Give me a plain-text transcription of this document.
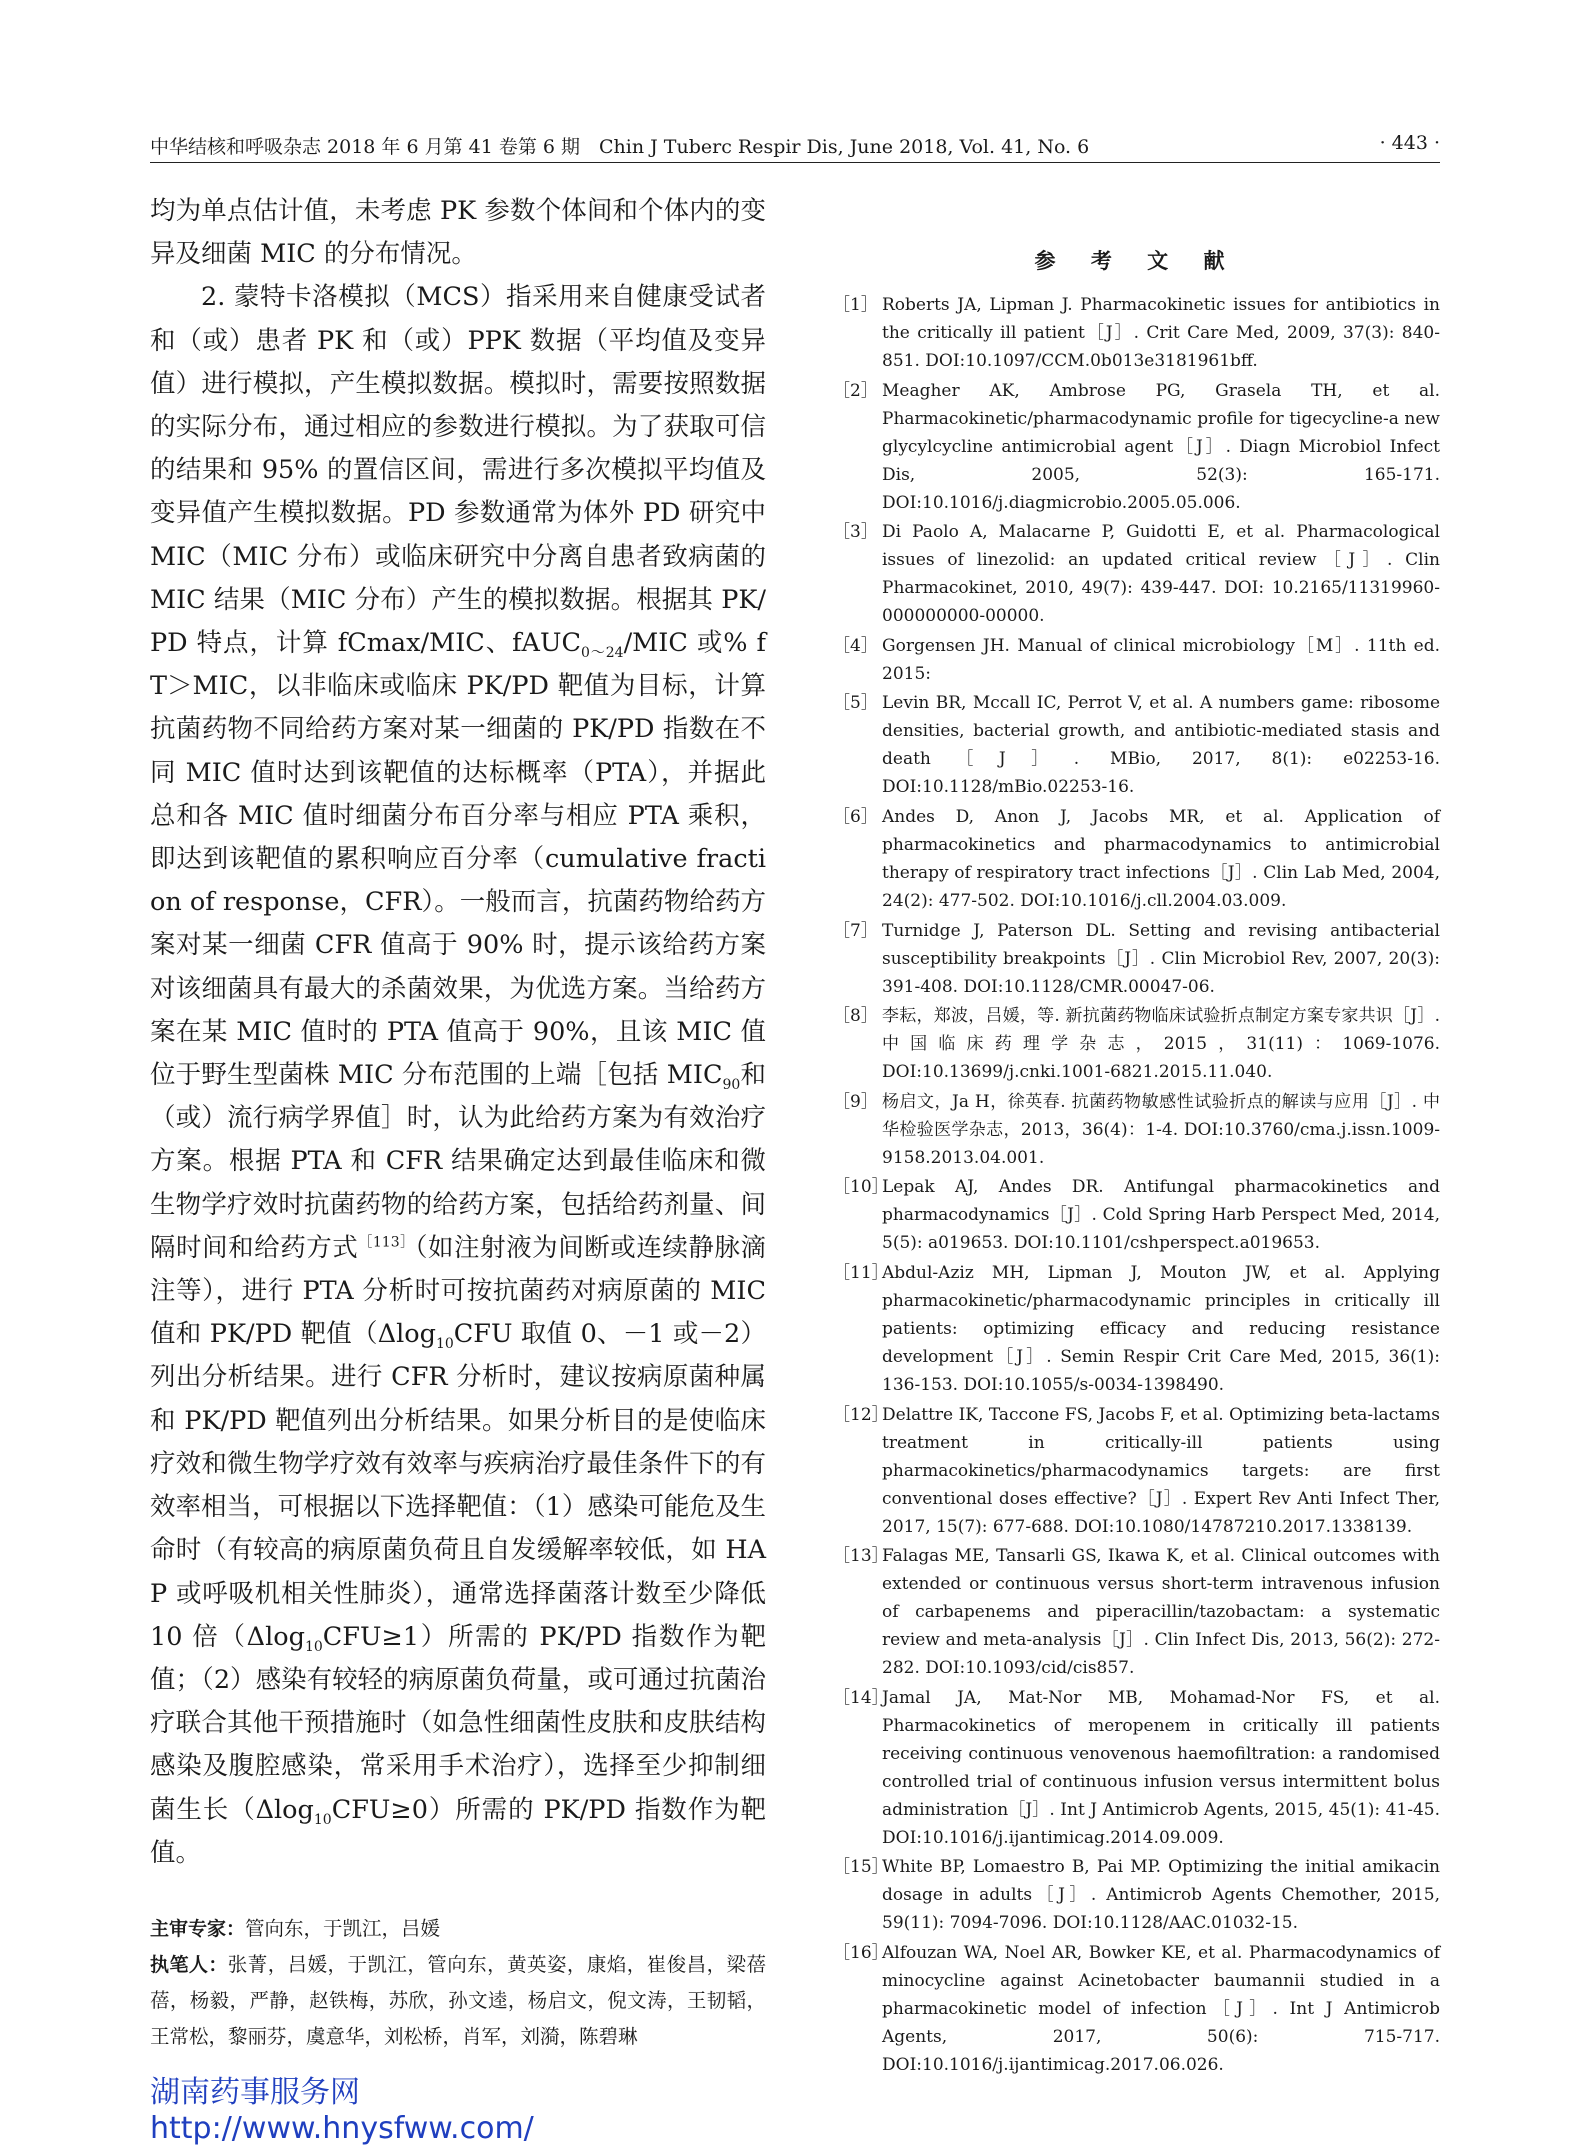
中华结核和呼吸杂志 2018 年 6 月第 41 卷第 6 期　Chin J Tuberc Respir Dis, June 2018, Vol. 41, No. 6	· 443 ·

均为单点估计值，未考虑 PK 参数个体间和个体内的变异及细菌 MIC 的分布情况。

2. 蒙特卡洛模拟（MCS）指采用来自健康受试者和（或）患者 PK 和（或）PPK 数据（平均值及变异值）进行模拟，产生模拟数据。模拟时，需要按照数据的实际分布，通过相应的参数进行模拟。为了获取可信的结果和 95% 的置信区间，需进行多次模拟平均值及变异值产生模拟数据。PD 参数通常为体外 PD 研究中 MIC（MIC 分布）或临床研究中分离自患者致病菌的 MIC 结果（MIC 分布）产生的模拟数据。根据其 PK/PD 特点，计算 fCmax/MIC、fAUC$_{0\sim 24}$/MIC 或% fT＞MIC，以非临床或临床 PK/PD 靶值为目标，计算抗菌药物不同给药方案对某一细菌的 PK/PD 指数在不同 MIC 值时达到该靶值的达标概率（PTA），并据此总和各 MIC 值时细菌分布百分率与相应 PTA 乘积，即达到该靶值的累积响应百分率（cumulative fraction of response，CFR）。一般而言，抗菌药物给药方案对某一细菌 CFR 值高于 90% 时，提示该给药方案对该细菌具有最大的杀菌效果，为优选方案。当给药方案在某 MIC 值时的 PTA 值高于 90%，且该 MIC 值位于野生型菌株 MIC 分布范围的上端［包括 $MIC_{90}$和（或）流行病学界值］时，认为此给药方案为有效治疗方案。根据 PTA 和 CFR 结果确定达到最佳临床和微生物学疗效时抗菌药物的给药方案，包括给药剂量、间隔时间和给药方式$^{[113]}$（如注射液为间断或连续静脉滴注等），进行 PTA 分析时可按抗菌药对病原菌的 MIC 值和 PK/PD 靶值（Δlog$_{10}$CFU 取值 0、－1 或－2）列出分析结果。进行 CFR 分析时，建议按病原菌种属和 PK/PD 靶值列出分析结果。如果分析目的是使临床疗效和微生物学疗效有效率与疾病治疗最佳条件下的有效率相当，可根据以下选择靶值：（1）感染可能危及生命时（有较高的病原菌负荷且自发缓解率较低，如 HAP 或呼吸机相关性肺炎），通常选择菌落计数至少降低 10 倍（Δlog$_{10}$CFU≥1）所需的 PK/PD 指数作为靶值；（2）感染有较轻的病原菌负荷量，或可通过抗菌治疗联合其他干预措施时（如急性细菌性皮肤和皮肤结构感染及腹腔感染，常采用手术治疗），选择至少抑制细菌生长（Δlog$_{10}$CFU≥0）所需的 PK/PD 指数作为靶值。

主审专家：管向东，于凯江，吕媛
执笔人：张菁，吕媛，于凯江，管向东，黄英姿，康焰，崔俊昌，梁蓓蓓，杨毅，严静，赵铁梅，苏欣，孙文逵，杨启文，倪文涛，王韧韬，王常松，黎丽芬，虞意华，刘松桥，肖军，刘漪，陈碧琳
参 考 文 献
［1］ Roberts JA, Lipman J. Pharmacokinetic issues for antibiotics in the critically ill patient［J］. Crit Care Med, 2009, 37(3): 840-851. DOI:10.1097/CCM.0b013e3181961bff.
［2］ Meagher AK, Ambrose PG, Grasela TH, et al. Pharmacokinetic/pharmacodynamic profile for tigecycline-a new glycylcycline antimicrobial agent［J］. Diagn Microbiol Infect Dis, 2005, 52(3): 165-171. DOI:10.1016/j.diagmicrobio.2005.05.006.
［3］ Di Paolo A, Malacarne P, Guidotti E, et al. Pharmacological issues of linezolid: an updated critical review［J］. Clin Pharmacokinet, 2010, 49(7): 439-447. DOI: 10.2165/11319960-000000000-00000.
［4］ Gorgensen JH. Manual of clinical microbiology［M］. 11th ed. 2015:
［5］ Levin BR, Mccall IC, Perrot V, et al. A numbers game: ribosome densities, bacterial growth, and antibiotic-mediated stasis and death［J］. MBio, 2017, 8(1): e02253-16. DOI:10.1128/mBio.02253-16.
［6］ Andes D, Anon J, Jacobs MR, et al. Application of pharmacokinetics and pharmacodynamics to antimicrobial therapy of respiratory tract infections［J］. Clin Lab Med, 2004, 24(2): 477-502. DOI:10.1016/j.cll.2004.03.009.
［7］ Turnidge J, Paterson DL. Setting and revising antibacterial susceptibility breakpoints［J］. Clin Microbiol Rev, 2007, 20(3): 391-408. DOI:10.1128/CMR.00047-06.
［8］ 李耘，郑波，吕媛，等. 新抗菌药物临床试验折点制定方案专家共识［J］. 中国临床药理学杂志，2015，31(11)：1069-1076. DOI:10.13699/j.cnki.1001-6821.2015.11.040.
［9］ 杨启文，Ja H，徐英春. 抗菌药物敏感性试验折点的解读与应用［J］. 中华检验医学杂志，2013，36(4)：1-4. DOI:10.3760/cma.j.issn.1009-9158.2013.04.001.
［10］
Lepak AJ, Andes DR. Antifungal pharmacokinetics and pharmacodynamics［J］. Cold Spring Harb Perspect Med, 2014, 5(5): a019653. DOI:10.1101/cshperspect.a019653.
［11］
Abdul-Aziz MH, Lipman J, Mouton JW, et al. Applying pharmacokinetic/pharmacodynamic principles in critically ill patients: optimizing efficacy and reducing resistance development［J］. Semin Respir Crit Care Med, 2015, 36(1): 136-153. DOI:10.1055/s-0034-1398490.
［12］
Delattre IK, Taccone FS, Jacobs F, et al. Optimizing beta-lactams treatment in critically-ill patients using pharmacokinetics/pharmacodynamics targets: are first conventional doses effective?［J］. Expert Rev Anti Infect Ther, 2017, 15(7): 677-688. DOI:10.1080/14787210.2017.1338139.
［13］
Falagas ME, Tansarli GS, Ikawa K, et al. Clinical outcomes with extended or continuous versus short-term intravenous infusion of carbapenems and piperacillin/tazobactam: a systematic review and meta-analysis［J］. Clin Infect Dis, 2013, 56(2): 272-282. DOI:10.1093/cid/cis857.
［14］
Jamal JA, Mat-Nor MB, Mohamad-Nor FS, et al. Pharmacokinetics of meropenem in critically ill patients receiving continuous venovenous haemofiltration: a randomised controlled trial of continuous infusion versus intermittent bolus administration［J］. Int J Antimicrob Agents, 2015, 45(1): 41-45. DOI:10.1016/j.ijantimicag.2014.09.009.
［15］
White BP, Lomaestro B, Pai MP. Optimizing the initial amikacin dosage in adults［J］. Antimicrob Agents Chemother, 2015, 59(11): 7094-7096. DOI:10.1128/AAC.01032-15.
［16］
Alfouzan WA, Noel AR, Bowker KE, et al. Pharmacodynamics of minocycline against Acinetobacter baumannii studied in a pharmacokinetic model of infection［J］. Int J Antimicrob Agents, 2017, 50(6): 715-717. DOI:10.1016/j.ijantimicag.2017.06.026.
湖南药事服务网
http://www.hnysfww.com/
